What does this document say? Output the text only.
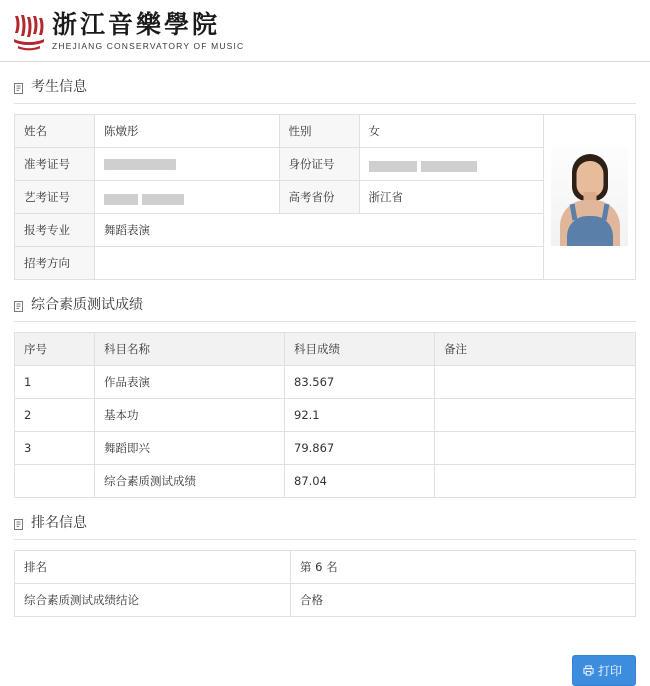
浙江音樂學院
ZHEJIANG CONSERVATORY OF MUSIC
考生信息
姓名	陈燉彤	性别	女	

准考证号		身份证号		
艺考证号		高考省份	浙江省	
报考专业	舞蹈表演			
招考方向				
综合素质测试成绩
序号	科目名称	科目成绩	备注
1	作品表演	83.567	
2	基本功	92.1	
3	舞蹈即兴	79.867	
	综合素质测试成绩	87.04	
排名信息
排名	第 6 名
综合素质测试成绩结论	合格
打印
